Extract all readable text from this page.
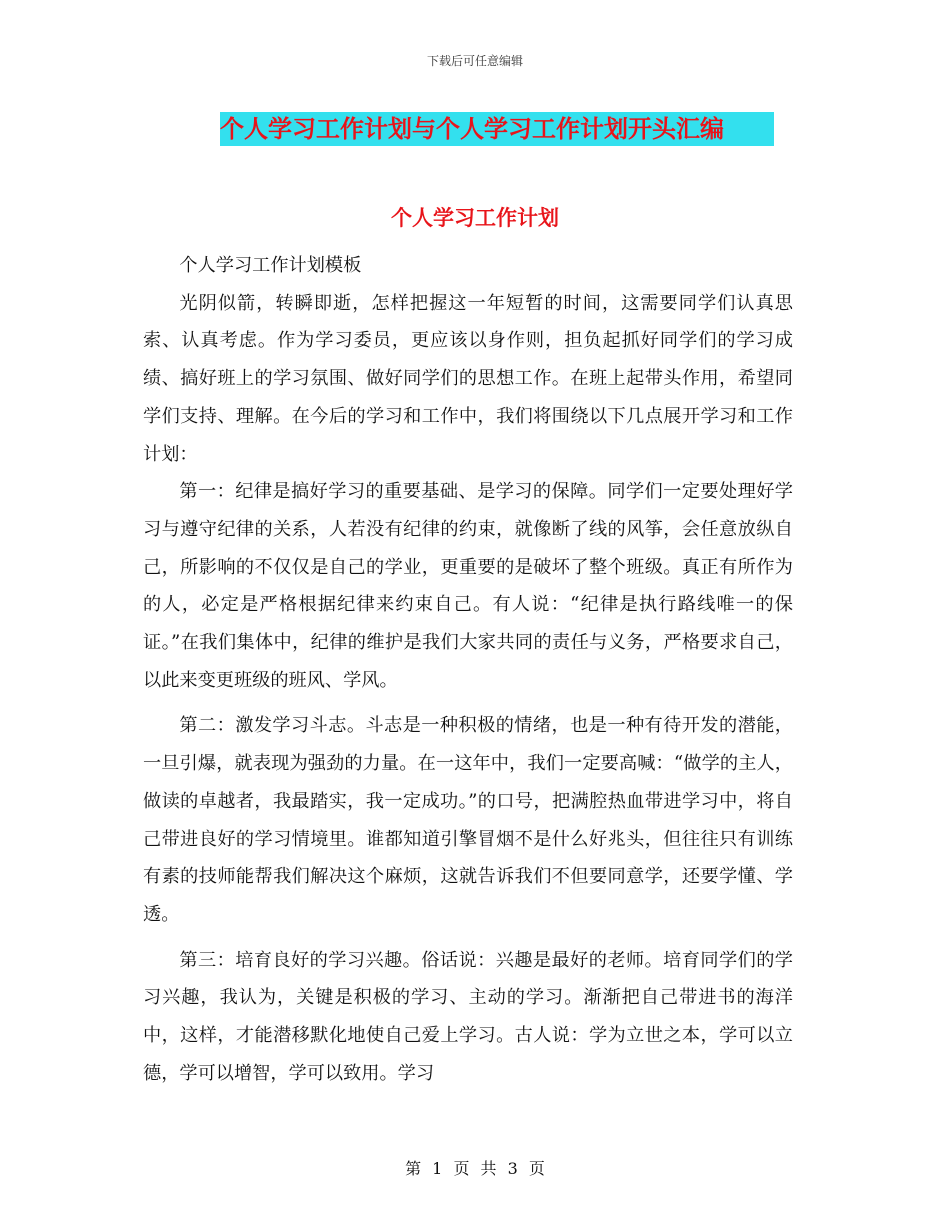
下载后可任意编辑
个人学习工作计划与个人学习工作计划开头汇编
个人学习工作计划

个人学习工作计划模板

光阴似箭，转瞬即逝，怎样把握这一年短暂的时间，这需要同学们认真思索、认真考虑。作为学习委员，更应该以身作则，担负起抓好同学们的学习成绩、搞好班上的学习氛围、做好同学们的思想工作。在班上起带头作用，希望同学们支持、理解。在今后的学习和工作中，我们将围绕以下几点展开学习和工作计划：

第一：纪律是搞好学习的重要基础、是学习的保障。同学们一定要处理好学习与遵守纪律的关系，人若没有纪律的约束，就像断了线的风筝，会任意放纵自己，所影响的不仅仅是自己的学业，更重要的是破坏了整个班级。真正有所作为的人，必定是严格根据纪律来约束自己。有人说：“纪律是执行路线唯一的保证。”在我们集体中，纪律的维护是我们大家共同的责任与义务，严格要求自己，以此来变更班级的班风、学风。

第二：激发学习斗志。斗志是一种积极的情绪，也是一种有待开发的潜能，一旦引爆，就表现为强劲的力量。在一这年中，我们一定要高喊：“做学的主人，做读的卓越者，我最踏实，我一定成功。”的口号，把满腔热血带进学习中，将自己带进良好的学习情境里。谁都知道引擎冒烟不是什么好兆头，但往往只有训练有素的技师能帮我们解决这个麻烦，这就告诉我们不但要同意学，还要学懂、学透。

第三：培育良好的学习兴趣。俗话说：兴趣是最好的老师。培育同学们的学习兴趣，我认为，关键是积极的学习、主动的学习。渐渐把自己带进书的海洋中，这样，才能潜移默化地使自己爱上学习。古人说：学为立世之本，学可以立德，学可以增智，学可以致用。学习

第 1 页 共 3 页
